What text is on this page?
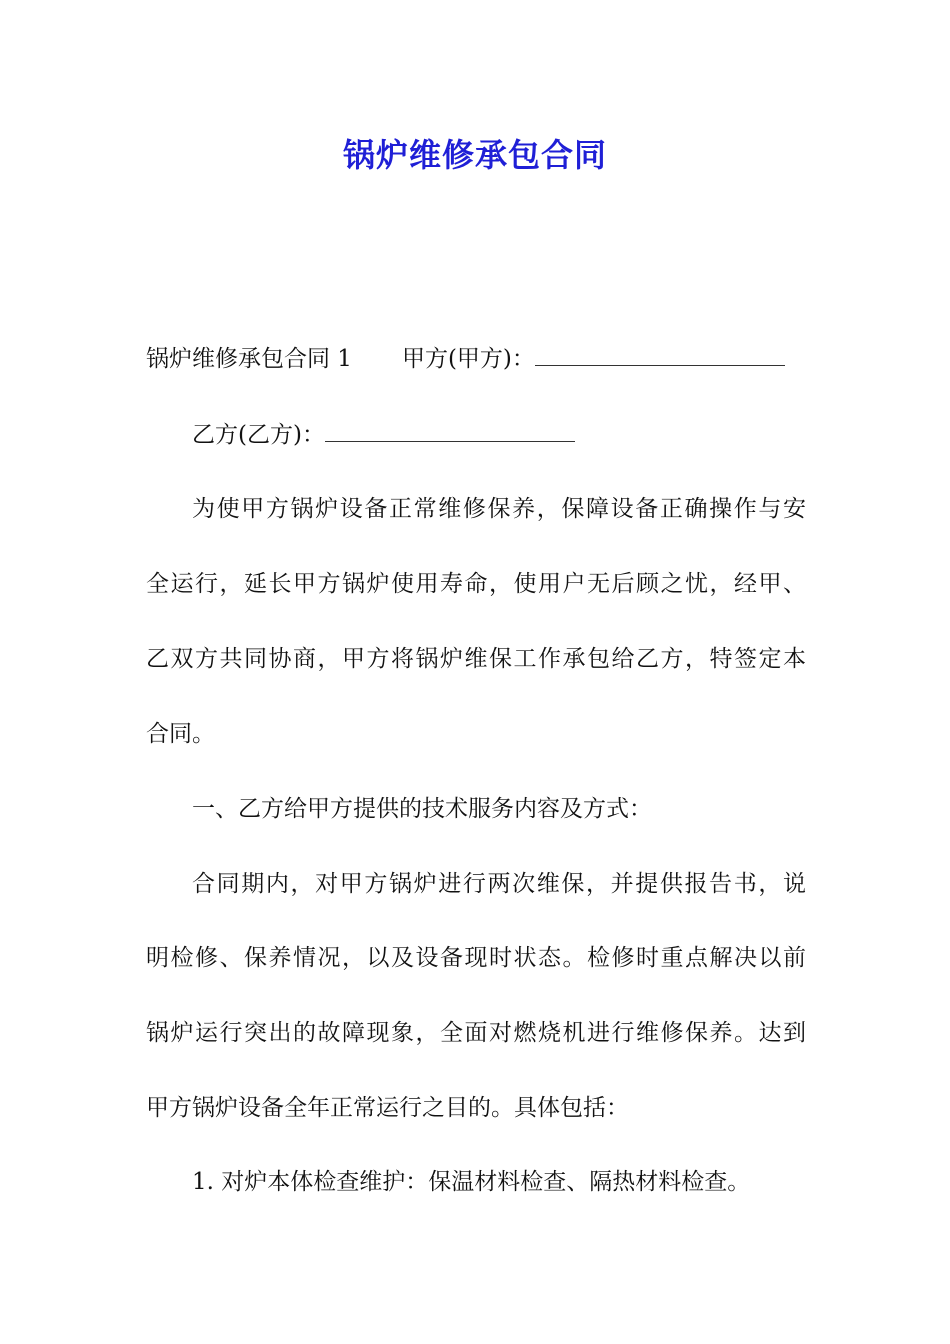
锅炉维修承包合同
锅炉维修承包合同 1 甲方(甲方)：
乙方(乙方)：
为使甲方锅炉设备正常维修保养，保障设备正确操作与安
全运行，延长甲方锅炉使用寿命，使用户无后顾之忧，经甲、
乙双方共同协商，甲方将锅炉维保工作承包给乙方，特签定本
合同。
一、乙方给甲方提供的技术服务内容及方式：
合同期内，对甲方锅炉进行两次维保，并提供报告书，说
明检修、保养情况，以及设备现时状态。检修时重点解决以前
锅炉运行突出的故障现象，全面对燃烧机进行维修保养。达到
甲方锅炉设备全年正常运行之目的。具体包括：
1. 对炉本体检查维护：保温材料检查、隔热材料检查。
